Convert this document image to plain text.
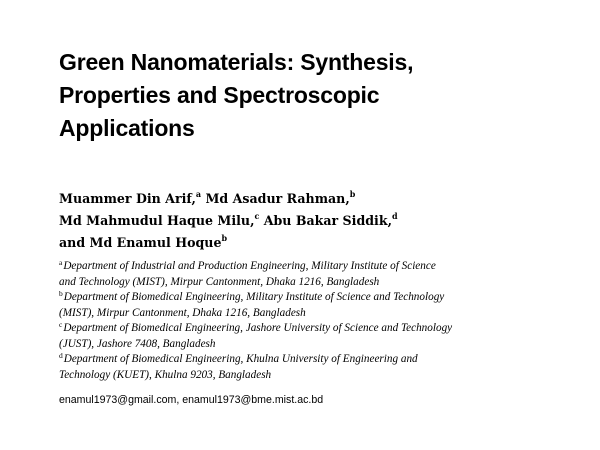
Green Nanomaterials: Synthesis,
Properties and Spectroscopic
Applications
Muammer Din Arif,$^a$ Md Asadur Rahman,$^b$
Md Mahmudul Haque Milu,$^c$ Abu Bakar Siddik,$^d$
and Md Enamul Hoque$^b$
$^a$Department of Industrial and Production Engineering, Military Institute of Science
and Technology (MIST), Mirpur Cantonment, Dhaka 1216, Bangladesh
$^b$Department of Biomedical Engineering, Military Institute of Science and Technology
(MIST), Mirpur Cantonment, Dhaka 1216, Bangladesh
$^c$Department of Biomedical Engineering, Jashore University of Science and Technology
(JUST), Jashore 7408, Bangladesh
$^d$Department of Biomedical Engineering, Khulna University of Engineering and
Technology (KUET), Khulna 9203, Bangladesh
enamul1973@gmail.com, enamul1973@bme.mist.ac.bd
